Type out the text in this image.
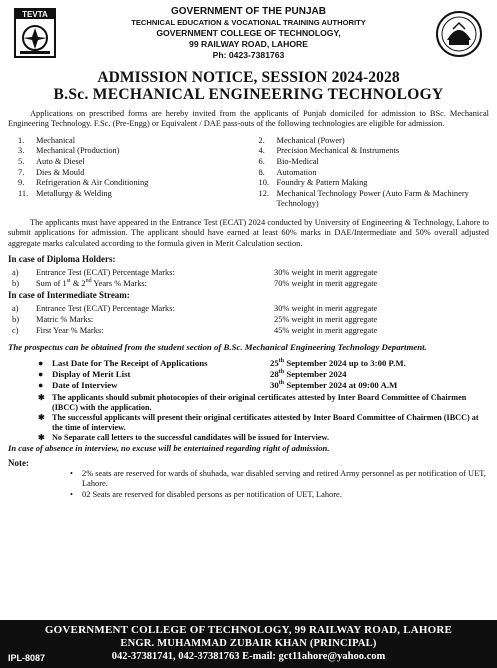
TEVTA	GOVERNMENT OF THE PUNJAB
TECHNICAL EDUCATION & VOCATIONAL TRAINING AUTHORITY
GOVERNMENT COLLEGE OF TECHNOLOGY,
99 RAILWAY ROAD, LAHORE
Ph: 0423-7381763
ADMISSION NOTICE, SESSION 2024-2028
B.Sc. MECHANICAL ENGINEERING TECHNOLOGY

Applications on prescribed forms are hereby invited from the applicants of Punjab domiciled for admission to BSc. Mechanical Engineering Technology. F.Sc. (Pre-Engg) or Equivalent / DAE pass-outs of the following technologies are eligible for admission.

1.	Mechanical	2.	Mechanical (Power)
3.	Mechanical (Production)	4.	Precision Mechanical & Instruments
5.	Auto & Diesel	6.	Bio-Medical
7.	Dies & Mould	8.	Automation
9.	Refrigeration & Air Conditioning	10. Foundry & Pattern Making
11. Metallurgy & Welding	12. Mechanical Technology Power (Auto Farm & Machinery Technology)

The applicants must have appeared in the Entrance Test (ECAT) 2024 conducted by University of Engineering & Technology, Lahore to submit applications for admission. The applicant should have earned at least 60% marks in DAE/Intermediate and 50% overall adjusted aggregate marks calculated according to the formula given in Merit Calculation section.

In case of Diploma Holders:
a)	Entrance Test (ECAT) Percentage Marks:	30% weight in merit aggregate
b)	Sum of 1st & 2nd Years % Marks:	70% weight in merit aggregate
In case of Intermediate Stream:
a)	Entrance Test (ECAT) Percentage Marks:	30% weight in merit aggregate
b)	Matric % Marks:	25% weight in merit aggregate
c)	First Year % Marks:	45% weight in merit aggregate

The prospectus can be obtained from the student section of B.Sc. Mechanical Engineering Technology Department.

● Last Date for The Receipt of Applications	25th September 2024 up to 3:00 P.M.
● Display of Merit List	28th September 2024
● Date of Interview	30th September 2024 at 09:00 A.M
✱ The applicants should submit photocopies of their original certificates attested by Inter Board Committee of Chairmen (IBCC) with the application.
✱ The successful applicants will present their original certificates attested by Inter Board Committee of Chairmen (IBCC) at the time of interview.
✱ No Separate call letters to the successful candidates will be issued for Interview.

In case of absence in interview, no excuse will be entertained regarding right of admission.

Note:
•	2% seats are reserved for wards of shuhada, war disabled serving and retired Army personnel as per notification of UET, Lahore.
•	02 Seats are reserved for disabled persons as per notification of UET, Lahore.
GOVERNMENT COLLEGE OF TECHNOLOGY, 99 RAILWAY ROAD, LAHORE
ENGR. MUHAMMAD ZUBAIR KHAN (PRINCIPAL)
042-37381741, 042-37381763 E-mail: gct11ahore@yahoo.com
IPL-8087
